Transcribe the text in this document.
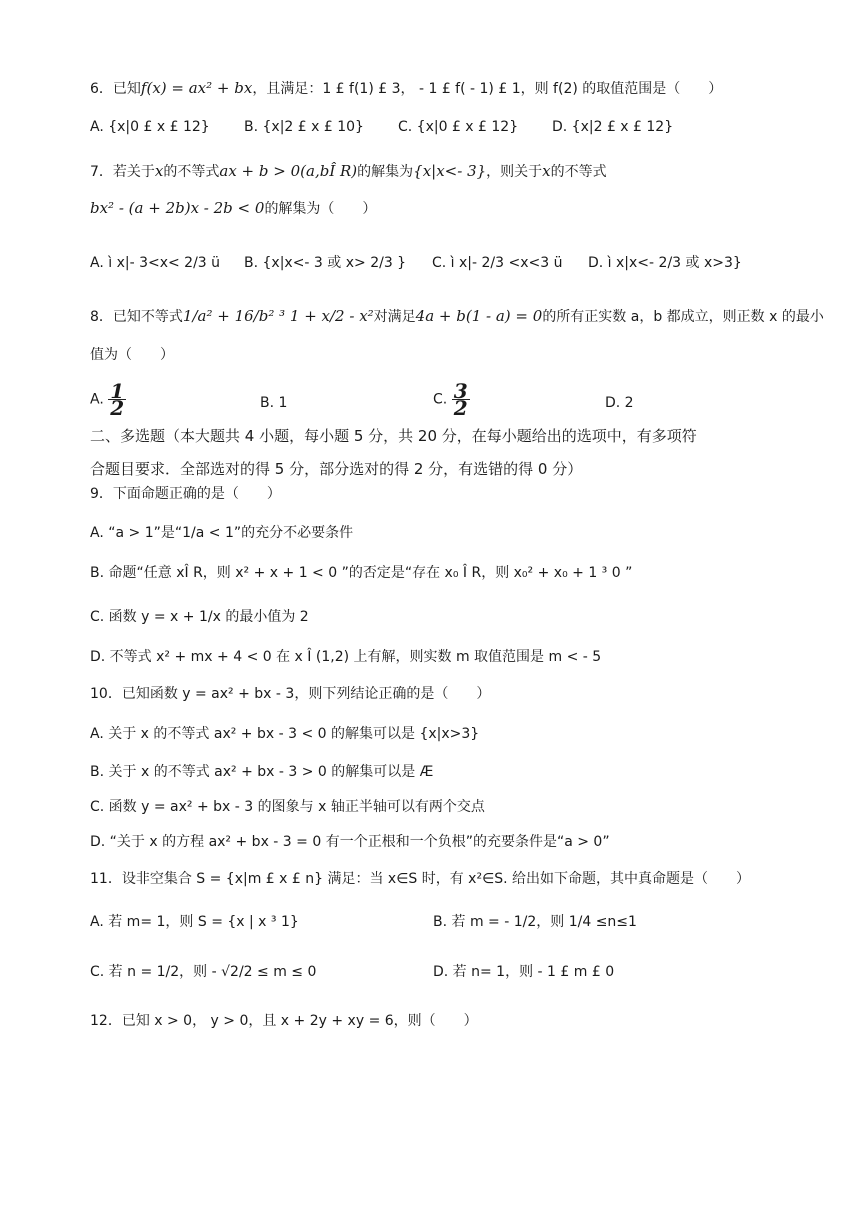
6．已知f(x) = ax² + bx，且满足：1 £ f(1) £ 3， - 1 £ f( - 1) £ 1，则 f(2) 的取值范围是（　　）
A. {x|0 £ x £ 12} B. {x|2 £ x £ 10} C. {x|0 £ x £ 12} D. {x|2 £ x £ 12}
7．若关于x的不等式ax + b > 0(a,bÎ R)的解集为{x|x<- 3}，则关于x的不等式
bx² - (a + 2b)x - 2b < 0的解集为（　　）
A. ì x|- 3<x< 2/3 ü B. {x|x<- 3 或 x> 2/3 } C. ì x|- 2/3 <x<3 ü D. ì x|x<- 2/3 或 x>3}
8．已知不等式1/a² + 16/b² ³ 1 + x/2 - x²对满足4a + b(1 - a) = 0的所有正实数 a，b 都成立，则正数 x 的最小
值为（　　）
A. $\frac{1}{2}$	B. 1	C. $\frac{3}{2}$	D. 2
二、多选题（本大题共 4 小题，每小题 5 分，共 20 分，在每小题给出的选项中，有多项符
合题目要求．全部选对的得 5 分，部分选对的得 2 分，有选错的得 0 分）
9．下面命题正确的是（　　）
A. “a > 1”是“1/a < 1”的充分不必要条件
B. 命题“任意 xÎ R，则 x² + x + 1 < 0 ”的否定是“存在 x₀ Î R，则 x₀² + x₀ + 1 ³ 0 ”
C. 函数 y = x + 1/x 的最小值为 2
D. 不等式 x² + mx + 4 < 0 在 x Î (1,2) 上有解，则实数 m 取值范围是 m < - 5
10．已知函数 y = ax² + bx - 3，则下列结论正确的是（　　）
A. 关于 x 的不等式 ax² + bx - 3 < 0 的解集可以是 {x|x>3}
B. 关于 x 的不等式 ax² + bx - 3 > 0 的解集可以是 Æ
C. 函数 y = ax² + bx - 3 的图象与 x 轴正半轴可以有两个交点
D. “关于 x 的方程 ax² + bx - 3 = 0 有一个正根和一个负根”的充要条件是“a > 0”
11．设非空集合 S = {x|m £ x £ n} 满足：当 x∈S 时，有 x²∈S. 给出如下命题，其中真命题是（　　）
A. 若 m= 1，则 S = {x | x ³ 1}	B. 若 m = - 1/2，则 1/4 ≤n≤1
C. 若 n = 1/2，则 - √2/2 ≤ m ≤ 0	D. 若 n= 1，则 - 1 £ m £ 0
12．已知 x > 0， y > 0，且 x + 2y + xy = 6，则（　　）
